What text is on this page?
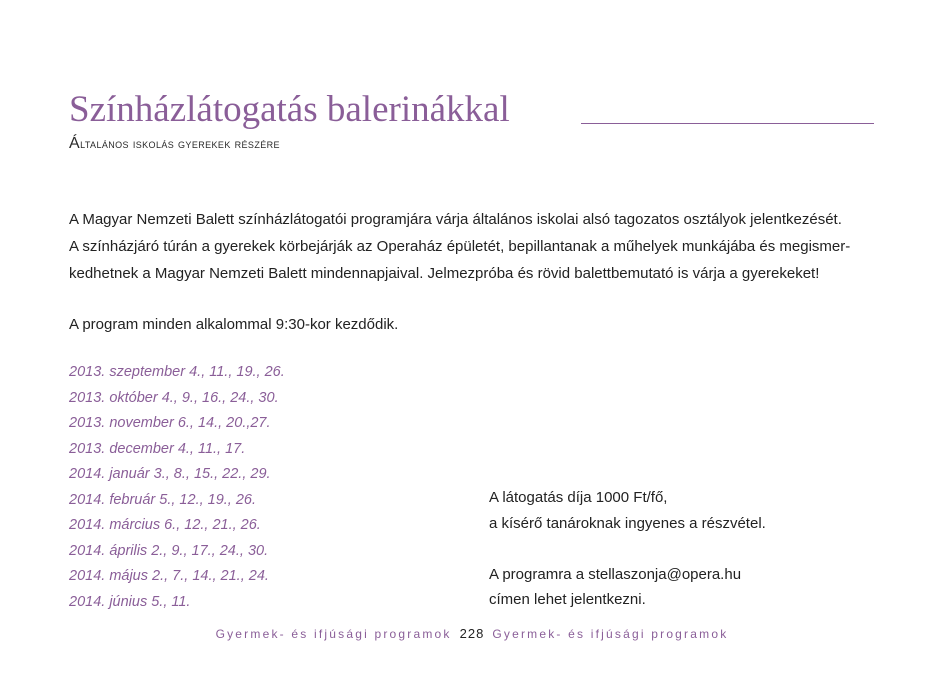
Színházlátogatás balerinákkal
Általános iskolás gyerekek részére
A Magyar Nemzeti Balett színházlátogatói programjára várja általános iskolai alsó tagozatos osztályok jelentkezését.
A színházjáró túrán a gyerekek körbejárják az Operaház épületét, bepillantanak a műhelyek munkájába és megismer-
kedhetnek a Magyar Nemzeti Balett mindennapjaival. Jelmezpróba és rövid balettbemutató is várja a gyerekeket!
A program minden alkalommal 9:30-kor kezdődik.
2013. szeptember 4., 11., 19., 26.
2013. október 4., 9., 16., 24., 30.
2013. november 6., 14., 20.,27.
2013. december 4., 11., 17.
2014. január 3., 8., 15., 22., 29.
2014. február 5., 12., 19., 26.
2014. március 6., 12., 21., 26.
2014. április 2., 9., 17., 24., 30.
2014. május 2., 7., 14., 21., 24.
2014. június 5., 11.
A látogatás díja 1000 Ft/fő,
a kísérő tanároknak ingyenes a részvétel.
A programra a stellaszonja@opera.hu
címen lehet jelentkezni.
Gyermek- és ifjúsági programok 228 Gyermek- és ifjúsági programok
